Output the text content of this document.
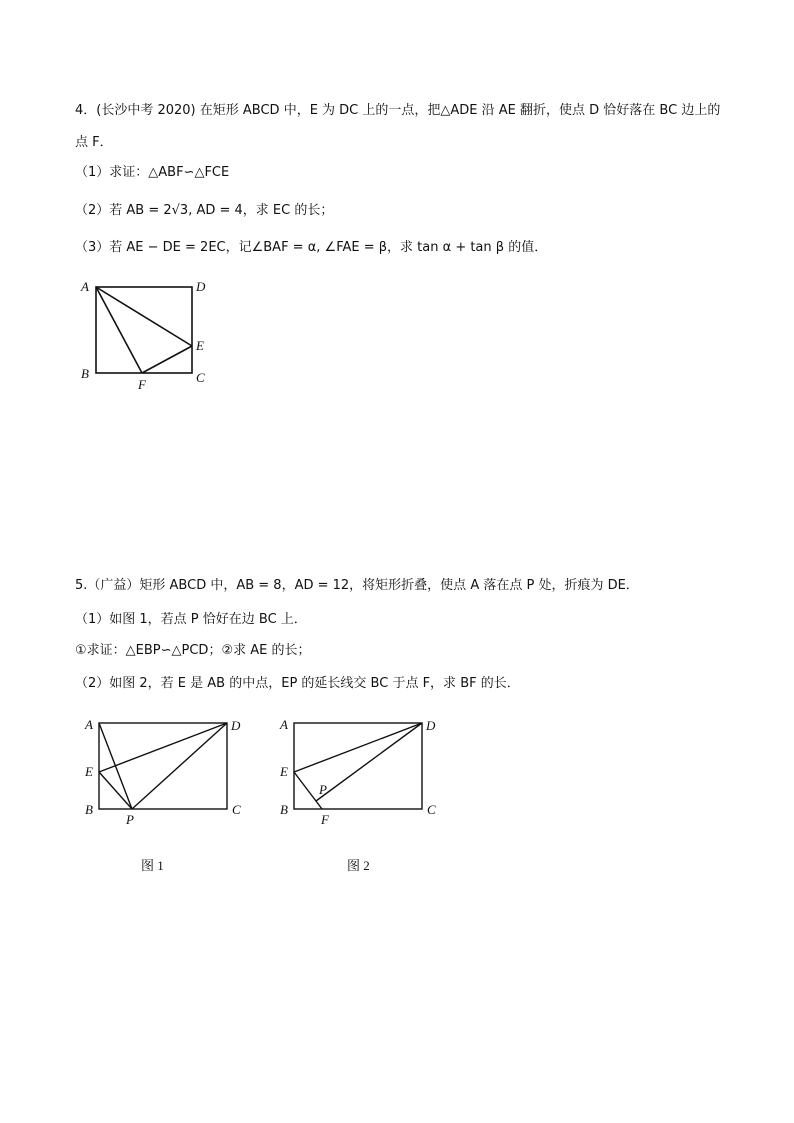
4．(长沙中考 2020) 在矩形 ABCD 中，E 为 DC 上的一点，把△ADE 沿 AE 翻折，使点 D 恰好落在 BC 边上的
点 F．
（1）求证：△ABF∽△FCE
（2）若 AB = 2√3, AD = 4，求 EC 的长；
（3）若 AE − DE = 2EC，记∠BAF = α, ∠FAE = β，求 tan α + tan β 的值．
A	D
E
B	C
F
5.（广益）矩形 ABCD 中，AB = 8，AD = 12，将矩形折叠，使点 A 落在点 P 处，折痕为 DE．
（1）如图 1，若点 P 恰好在边 BC 上．
①求证：△EBP∽△PCD；②求 AE 的长；
（2）如图 2，若 E 是 AB 的中点，EP 的延长线交 BC 于点 F，求 BF 的长．
A	D
E
B	C
P
A	D
E
P
B	C
F
图 1	图 2
